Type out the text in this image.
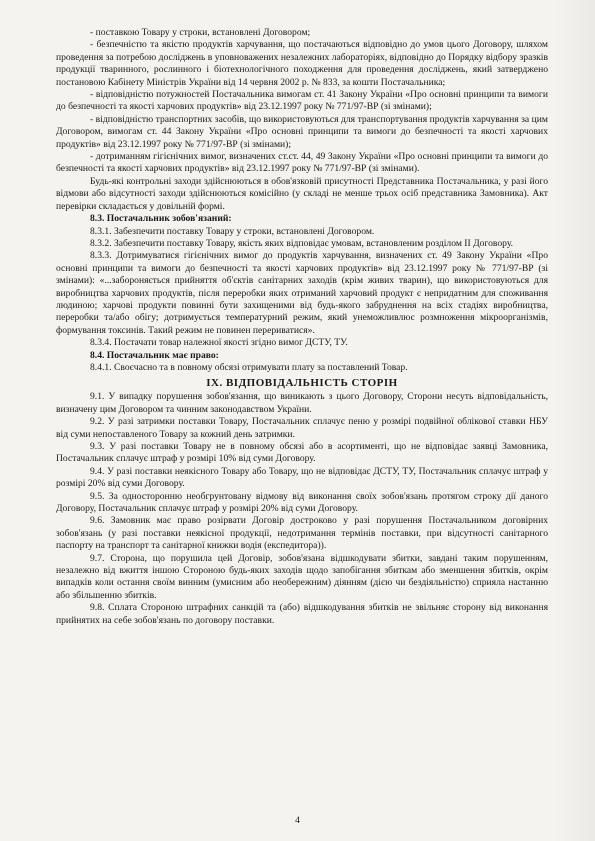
- поставкою Товару у строки, встановлені Договором;

- безпечністю та якістю продуктів харчування, що постачаються відповідно до умов цього Договору, шляхом проведення за потребою досліджень в уповноважених незалежних лабораторіях, відповідно до Порядку відбору зразків продукції тваринного, рослинного і біотехнологічного походження для проведення досліджень, який затверджено постановою Кабінету Міністрів України від 14 червня 2002 р. № 833, за кошти Постачальника;

- відповідністю потужностей Постачальника вимогам ст. 41 Закону України «Про основні принципи та вимоги до безпечності та якості харчових продуктів» від 23.12.1997 року № 771/97-ВР (зі змінами);

- відповідністю транспортних засобів, що використовуються для транспортування продуктів харчування за цим Договором, вимогам ст. 44 Закону України «Про основні принципи та вимоги до безпечності та якості харчових продуктів» від 23.12.1997 року № 771/97-ВР (зі змінами);

- дотриманням гігієнічних вимог, визначених ст.ст. 44, 49 Закону України «Про основні принципи та вимоги до безпечності та якості харчових продуктів» від 23.12.1997 року № 771/97-ВР (зі змінами).

Будь-які контрольні заходи здійснюються в обов'язковій присутності Представника Постачальника, у разі його відмови або відсутності заходи здійснюються комісійно (у складі не менше трьох осіб представника Замовника). Акт перевірки складається у довільній формі.

8.3. Постачальник зобов'язаний:

8.3.1. Забезпечити поставку Товару у строки, встановлені Договором.

8.3.2. Забезпечити поставку Товару, якість яких відповідає умовам, встановленим розділом II Договору.

8.3.3. Дотримуватися гігієнічних вимог до продуктів харчування, визначених ст. 49 Закону України «Про основні принципи та вимоги до безпечності та якості харчових продуктів» від 23.12.1997 року № 771/97-ВР (зі змінами): «...забороняється прийняття об'єктів санітарних заходів (крім живих тварин), що використовуються для виробництва харчових продуктів, після переробки яких отриманий харчовий продукт є непридатним для споживання людиною; харчові продукти повинні бути захищеними від будь-якого забруднення на всіх стадіях виробництва, переробки та/або обігу; дотримується температурний режим, який унеможливлює розмноження мікроорганізмів, формування токсинів. Такий режим не повинен перериватися».

8.3.4. Постачати товар належної якості згідно вимог ДСТУ, ТУ.

8.4. Постачальник має право:

8.4.1. Своєчасно та в повному обсязі отримувати плату за поставлений Товар.

IX. ВІДПОВІДАЛЬНІСТЬ СТОРІН

9.1. У випадку порушення зобов'язання, що виникають з цього Договору, Сторони несуть відповідальність, визначену цим Договором та чинним законодавством України.

9.2. У разі затримки поставки Товару, Постачальник сплачує пеню у розмірі подвійної облікової ставки НБУ від суми непоставленого Товару за кожний день затримки.

9.3. У разі поставки Товару не в повному обсязі або в асортименті, що не відповідає заявці Замовника, Постачальник сплачує штраф у розмірі 10% від суми Договору.

9.4. У разі поставки неякісного Товару або Товару, що не відповідає ДСТУ, ТУ, Постачальник сплачує штраф у розмірі 20% від суми Договору.

9.5. За односторонню необгрунтовану відмову від виконання своїх зобов'язань протягом строку дії даного Договору, Постачальник сплачує штраф у розмірі 20% від суми Договору.

9.6. Замовник має право розірвати Договір достроково у разі порушення Постачальником договірних зобов'язань (у разі поставки неякісної продукції, недотримання термінів поставки, при відсутності санітарного паспорту на транспорт та санітарної книжки водія (експедитора)).

9.7. Сторона, що порушила цей Договір, зобов'язана відшкодувати збитки, завдані таким порушенням, незалежно від вжиття іншою Стороною будь-яких заходів щодо запобігання збиткам або зменшення збитків, окрім випадків коли остання своїм винним (умисним або необережним) діянням (дією чи бездіяльністю) сприяла настанню або збільшенню збитків.

9.8. Сплата Стороною штрафних санкцій та (або) відшкодування збитків не звільняє сторону від виконання прийнятих на себе зобов'язань по договору поставки.

4
